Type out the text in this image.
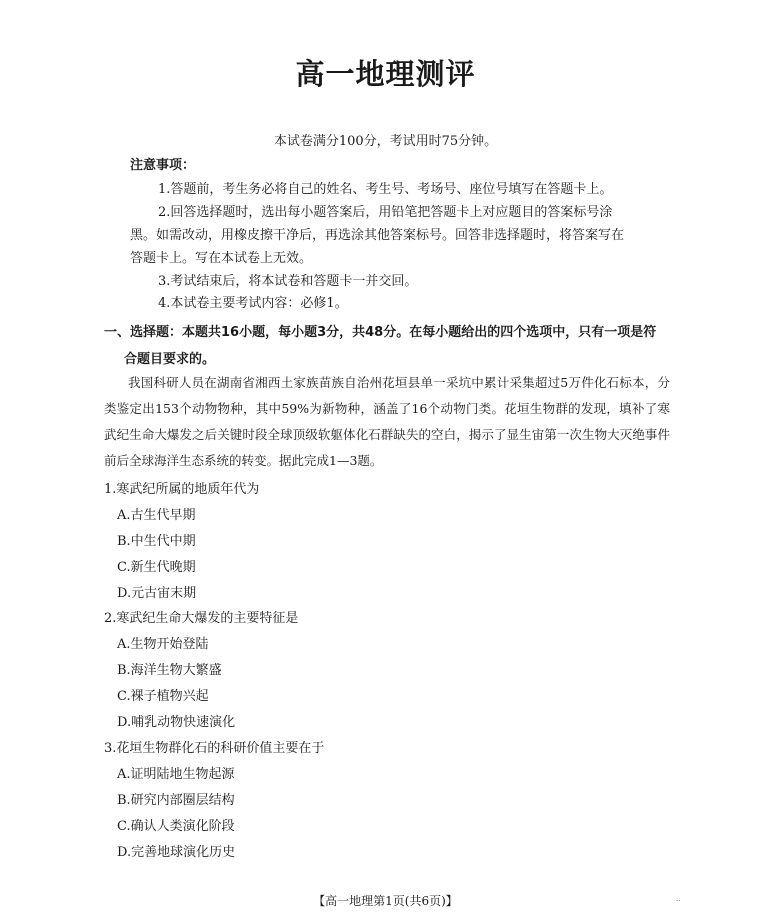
高一地理测评
本试卷满分100分，考试用时75分钟。
注意事项：
1.答题前，考生务必将自己的姓名、考生号、考场号、座位号填写在答题卡上。
2.回答选择题时，选出每小题答案后，用铅笔把答题卡上对应题目的答案标号涂
黑。如需改动，用橡皮擦干净后，再选涂其他答案标号。回答非选择题时，将答案写在
答题卡上。写在本试卷上无效。
3.考试结束后，将本试卷和答题卡一并交回。
4.本试卷主要考试内容：必修1。
一、选择题：本题共16小题，每小题3分，共48分。在每小题给出的四个选项中，只有一项是符
合题目要求的。
我国科研人员在湖南省湘西土家族苗族自治州花垣县单一采坑中累计采集超过5万件化石标本，分类鉴定出153个动物物种，其中59%为新物种，涵盖了16个动物门类。花垣生物群的发现，填补了寒武纪生命大爆发之后关键时段全球顶级软躯体化石群缺失的空白，揭示了显生宙第一次生物大灭绝事件前后全球海洋生态系统的转变。据此完成1—3题。
1.寒武纪所属的地质年代为
A.古生代早期
B.中生代中期
C.新生代晚期
D.元古宙末期
2.寒武纪生命大爆发的主要特征是
A.生物开始登陆
B.海洋生物大繁盛
C.裸子植物兴起
D.哺乳动物快速演化
3.花垣生物群化石的科研价值主要在于
A.证明陆地生物起源
B.研究内部圈层结构
C.确认人类演化阶段
D.完善地球演化历史
【高一地理第1页(共6页)】	··
